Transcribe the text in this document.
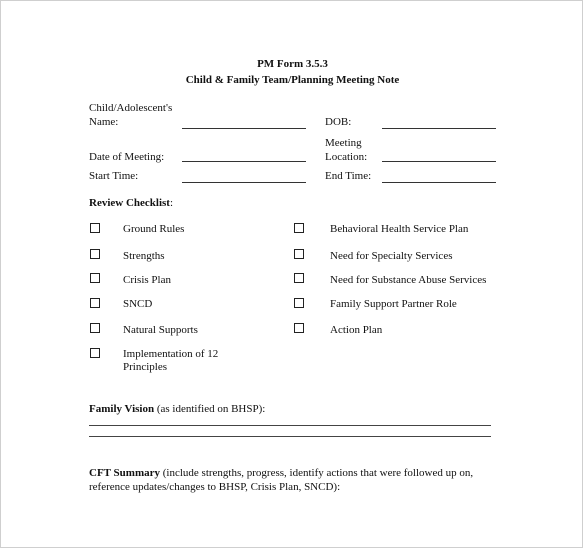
PM Form 3.5.3
Child & Family Team/Planning Meeting Note
Child/Adolescent's
Name:	DOB:
Meeting
Location:
Date of Meeting:
Start Time:	End Time:
Review Checklist:
Ground Rules
Strengths
Crisis Plan
SNCD
Natural Supports
Implementation of 12
Principles
Behavioral Health Service Plan
Need for Specialty Services
Need for Substance Abuse Services
Family Support Partner Role
Action Plan
Family Vision (as identified on BHSP):
CFT Summary (include strengths, progress, identify actions that were followed up on,
reference updates/changes to BHSP, Crisis Plan, SNCD):
